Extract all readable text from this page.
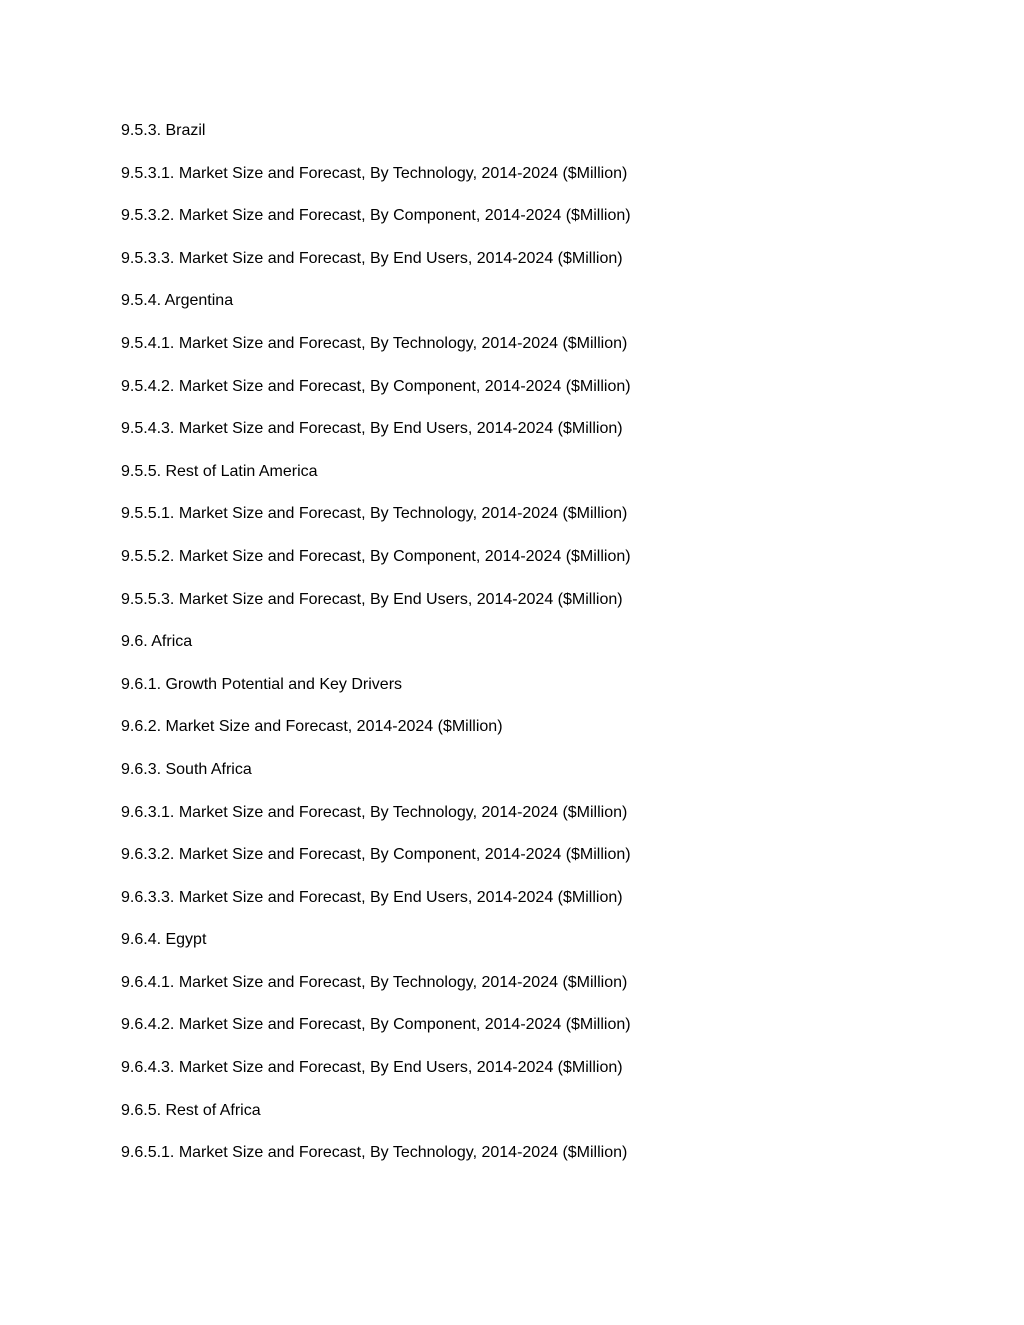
9.5.3. Brazil
9.5.3.1. Market Size and Forecast, By Technology, 2014-2024 ($Million)
9.5.3.2. Market Size and Forecast, By Component, 2014-2024 ($Million)
9.5.3.3. Market Size and Forecast, By End Users, 2014-2024 ($Million)
9.5.4. Argentina
9.5.4.1. Market Size and Forecast, By Technology, 2014-2024 ($Million)
9.5.4.2. Market Size and Forecast, By Component, 2014-2024 ($Million)
9.5.4.3. Market Size and Forecast, By End Users, 2014-2024 ($Million)
9.5.5. Rest of Latin America
9.5.5.1. Market Size and Forecast, By Technology, 2014-2024 ($Million)
9.5.5.2. Market Size and Forecast, By Component, 2014-2024 ($Million)
9.5.5.3. Market Size and Forecast, By End Users, 2014-2024 ($Million)
9.6. Africa
9.6.1. Growth Potential and Key Drivers
9.6.2. Market Size and Forecast, 2014-2024 ($Million)
9.6.3. South Africa
9.6.3.1. Market Size and Forecast, By Technology, 2014-2024 ($Million)
9.6.3.2. Market Size and Forecast, By Component, 2014-2024 ($Million)
9.6.3.3. Market Size and Forecast, By End Users, 2014-2024 ($Million)
9.6.4. Egypt
9.6.4.1. Market Size and Forecast, By Technology, 2014-2024 ($Million)
9.6.4.2. Market Size and Forecast, By Component, 2014-2024 ($Million)
9.6.4.3. Market Size and Forecast, By End Users, 2014-2024 ($Million)
9.6.5. Rest of Africa
9.6.5.1. Market Size and Forecast, By Technology, 2014-2024 ($Million)
